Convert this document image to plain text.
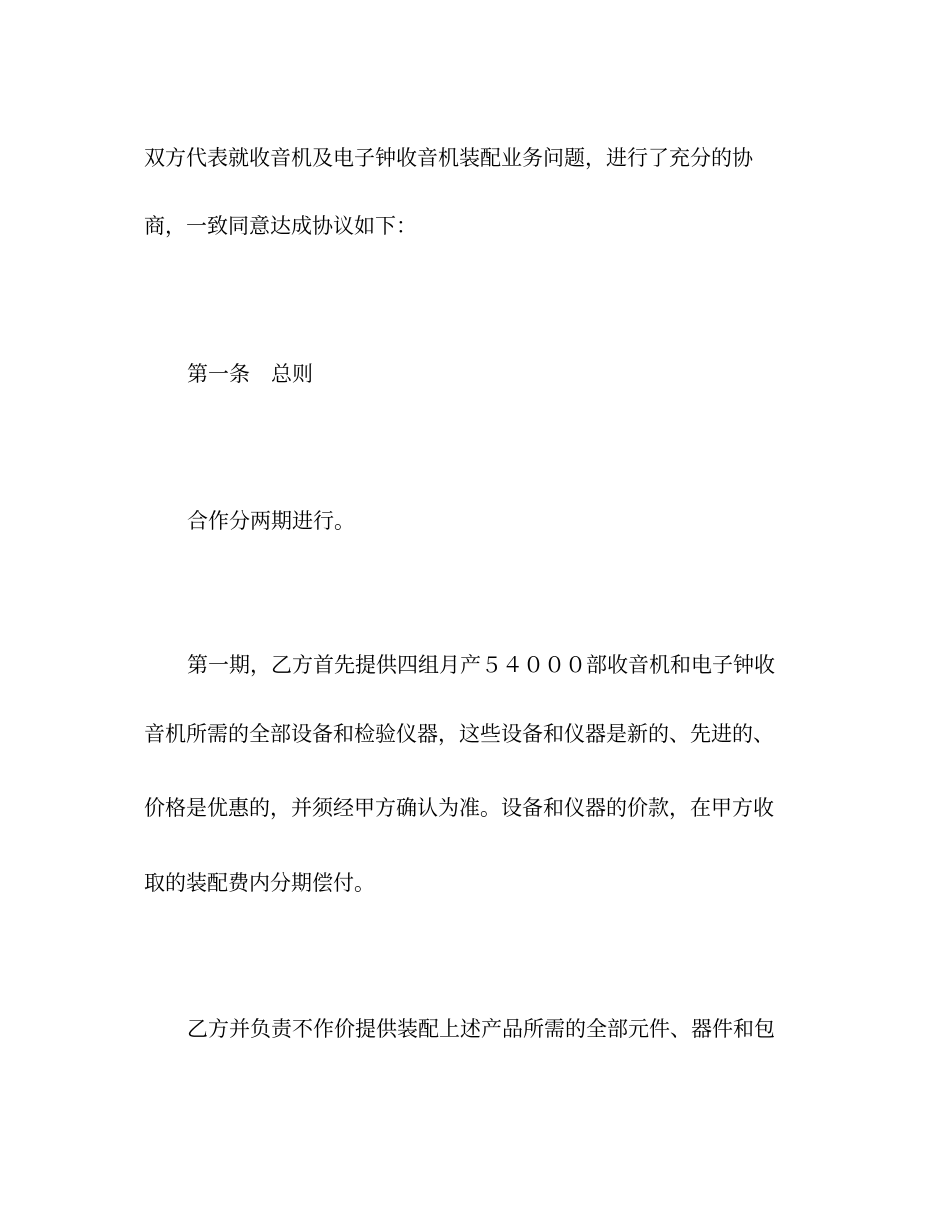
双方代表就收音机及电子钟收音机装配业务问题，进行了充分的协
商，一致同意达成协议如下：
第一条　总则
合作分两期进行。
第一期，乙方首先提供四组月产５４０００部收音机和电子钟收
音机所需的全部设备和检验仪器，这些设备和仪器是新的、先进的、
价格是优惠的，并须经甲方确认为准。设备和仪器的价款，在甲方收
取的装配费内分期偿付。
乙方并负责不作价提供装配上述产品所需的全部元件、器件和包
